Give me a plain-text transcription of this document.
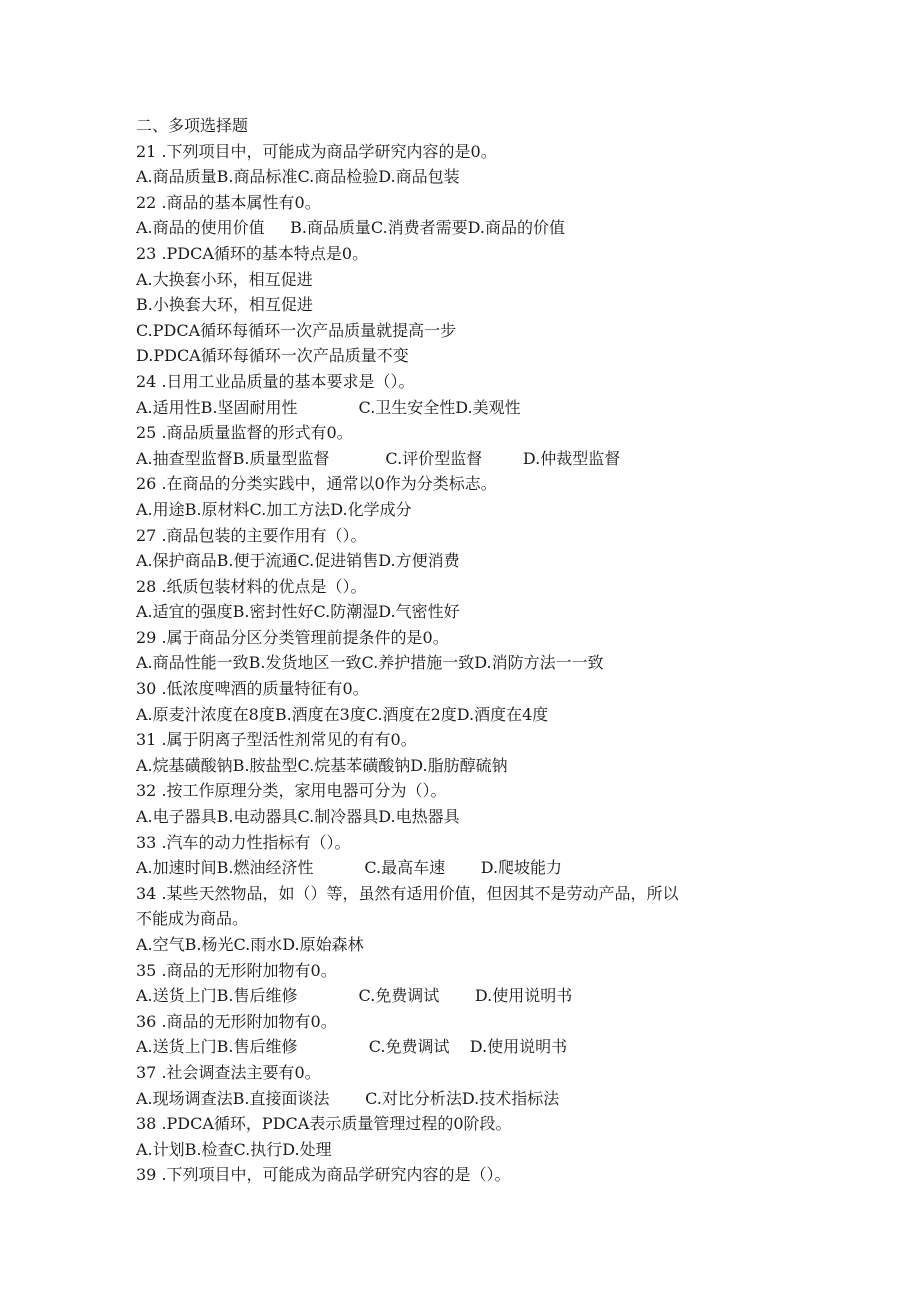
二、多项选择题
21 .下列项目中，可能成为商品学研究内容的是0。
A.商品质量B.商品标准C.商品检验D.商品包装
22 .商品的基本属性有0。
A.商品的使用价值     B.商品质量C.消费者需要D.商品的价值
23 .PDCA循环的基本特点是0。
A.大换套小环，相互促进
B.小换套大环，相互促进
C.PDCA循环每循环一次产品质量就提高一步
D.PDCA循环每循环一次产品质量不变
24 .日用工业品质量的基本要求是（）。
A.适用性B.坚固耐用性            C.卫生安全性D.美观性
25 .商品质量监督的形式有0。
A.抽查型监督B.质量型监督           C.评价型监督        D.仲裁型监督
26 .在商品的分类实践中，通常以0作为分类标志。
A.用途B.原材料C.加工方法D.化学成分
27 .商品包装的主要作用有（）。
A.保护商品B.便于流通C.促进销售D.方便消费
28 .纸质包装材料的优点是（）。
A.适宜的强度B.密封性好C.防潮湿D.气密性好
29 .属于商品分区分类管理前提条件的是0。
A.商品性能一致B.发货地区一致C.养护措施一致D.消防方法一一致
30 .低浓度啤酒的质量特征有0。
A.原麦汁浓度在8度B.酒度在3度C.酒度在2度D.酒度在4度
31 .属于阴离子型活性剂常见的有有0。
A.烷基磺酸钠B.胺盐型C.烷基苯磺酸钠D.脂肪醇硫钠
32 .按工作原理分类，家用电器可分为（）。
A.电子器具B.电动器具C.制冷器具D.电热器具
33 .汽车的动力性指标有（）。
A.加速时间B.燃油经济性          C.最高车速       D.爬坡能力
34 .某些天然物品，如（）等，虽然有适用价值，但因其不是劳动产品，所以
不能成为商品。
A.空气B.杨光C.雨水D.原始森林
35 .商品的无形附加物有0。
A.送货上门B.售后维修            C.免费调试       D.使用说明书
36 .商品的无形附加物有0。
A.送货上门B.售后维修              C.免费调试    D.使用说明书
37 .社会调查法主要有0。
A.现场调查法B.直接面谈法       C.对比分析法D.技术指标法
38 .PDCA循环，PDCA表示质量管理过程的0阶段。
A.计划B.检查C.执行D.处理
39 .下列项目中，可能成为商品学研究内容的是（）。
